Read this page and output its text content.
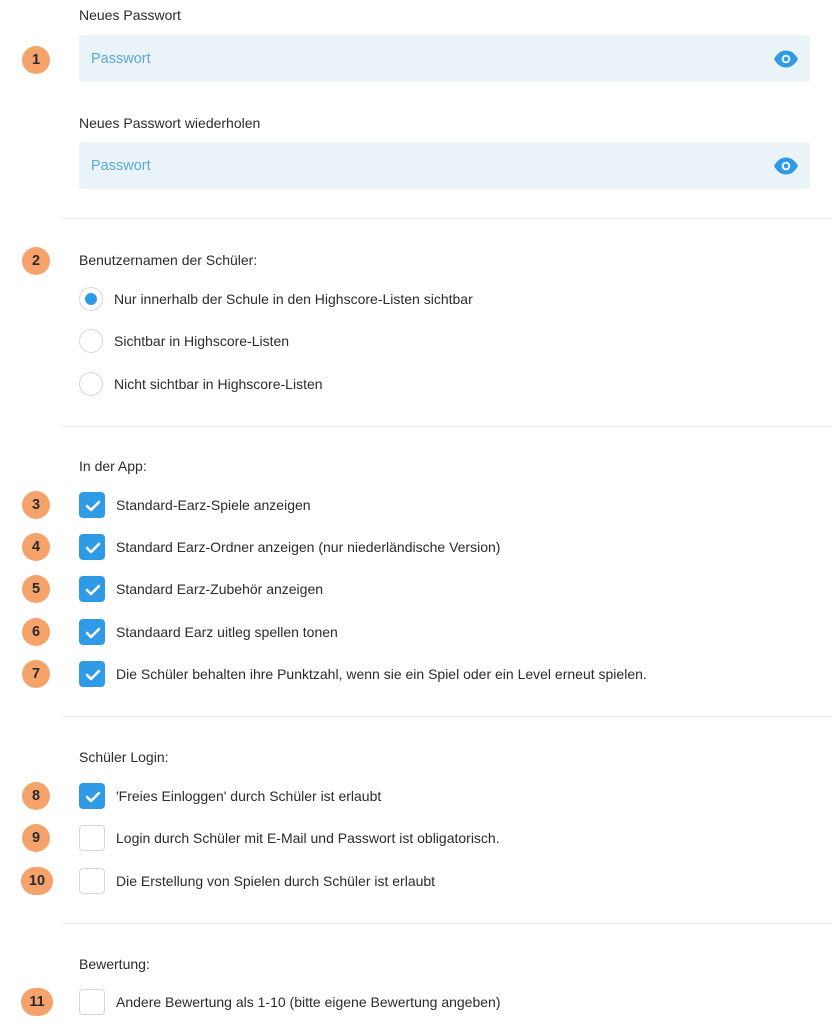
1
2
3
4
5
6
7
8
9
10
11
Neues Passwort
Neues Passwort wiederholen
Benutzernamen der Schüler:
Nur innerhalb der Schule in den Highscore-Listen sichtbar
Sichtbar in Highscore-Listen
Nicht sichtbar in Highscore-Listen
In der App:
Standard-Earz-Spiele anzeigen
Standard Earz-Ordner anzeigen (nur niederländische Version)
Standard Earz-Zubehör anzeigen
Standaard Earz uitleg spellen tonen
Die Schüler behalten ihre Punktzahl, wenn sie ein Spiel oder ein Level erneut spielen.
Schüler Login:
'Freies Einloggen' durch Schüler ist erlaubt
Login durch Schüler mit E-Mail und Passwort ist obligatorisch.
Die Erstellung von Spielen durch Schüler ist erlaubt
Bewertung:
Andere Bewertung als 1-10 (bitte eigene Bewertung angeben)
